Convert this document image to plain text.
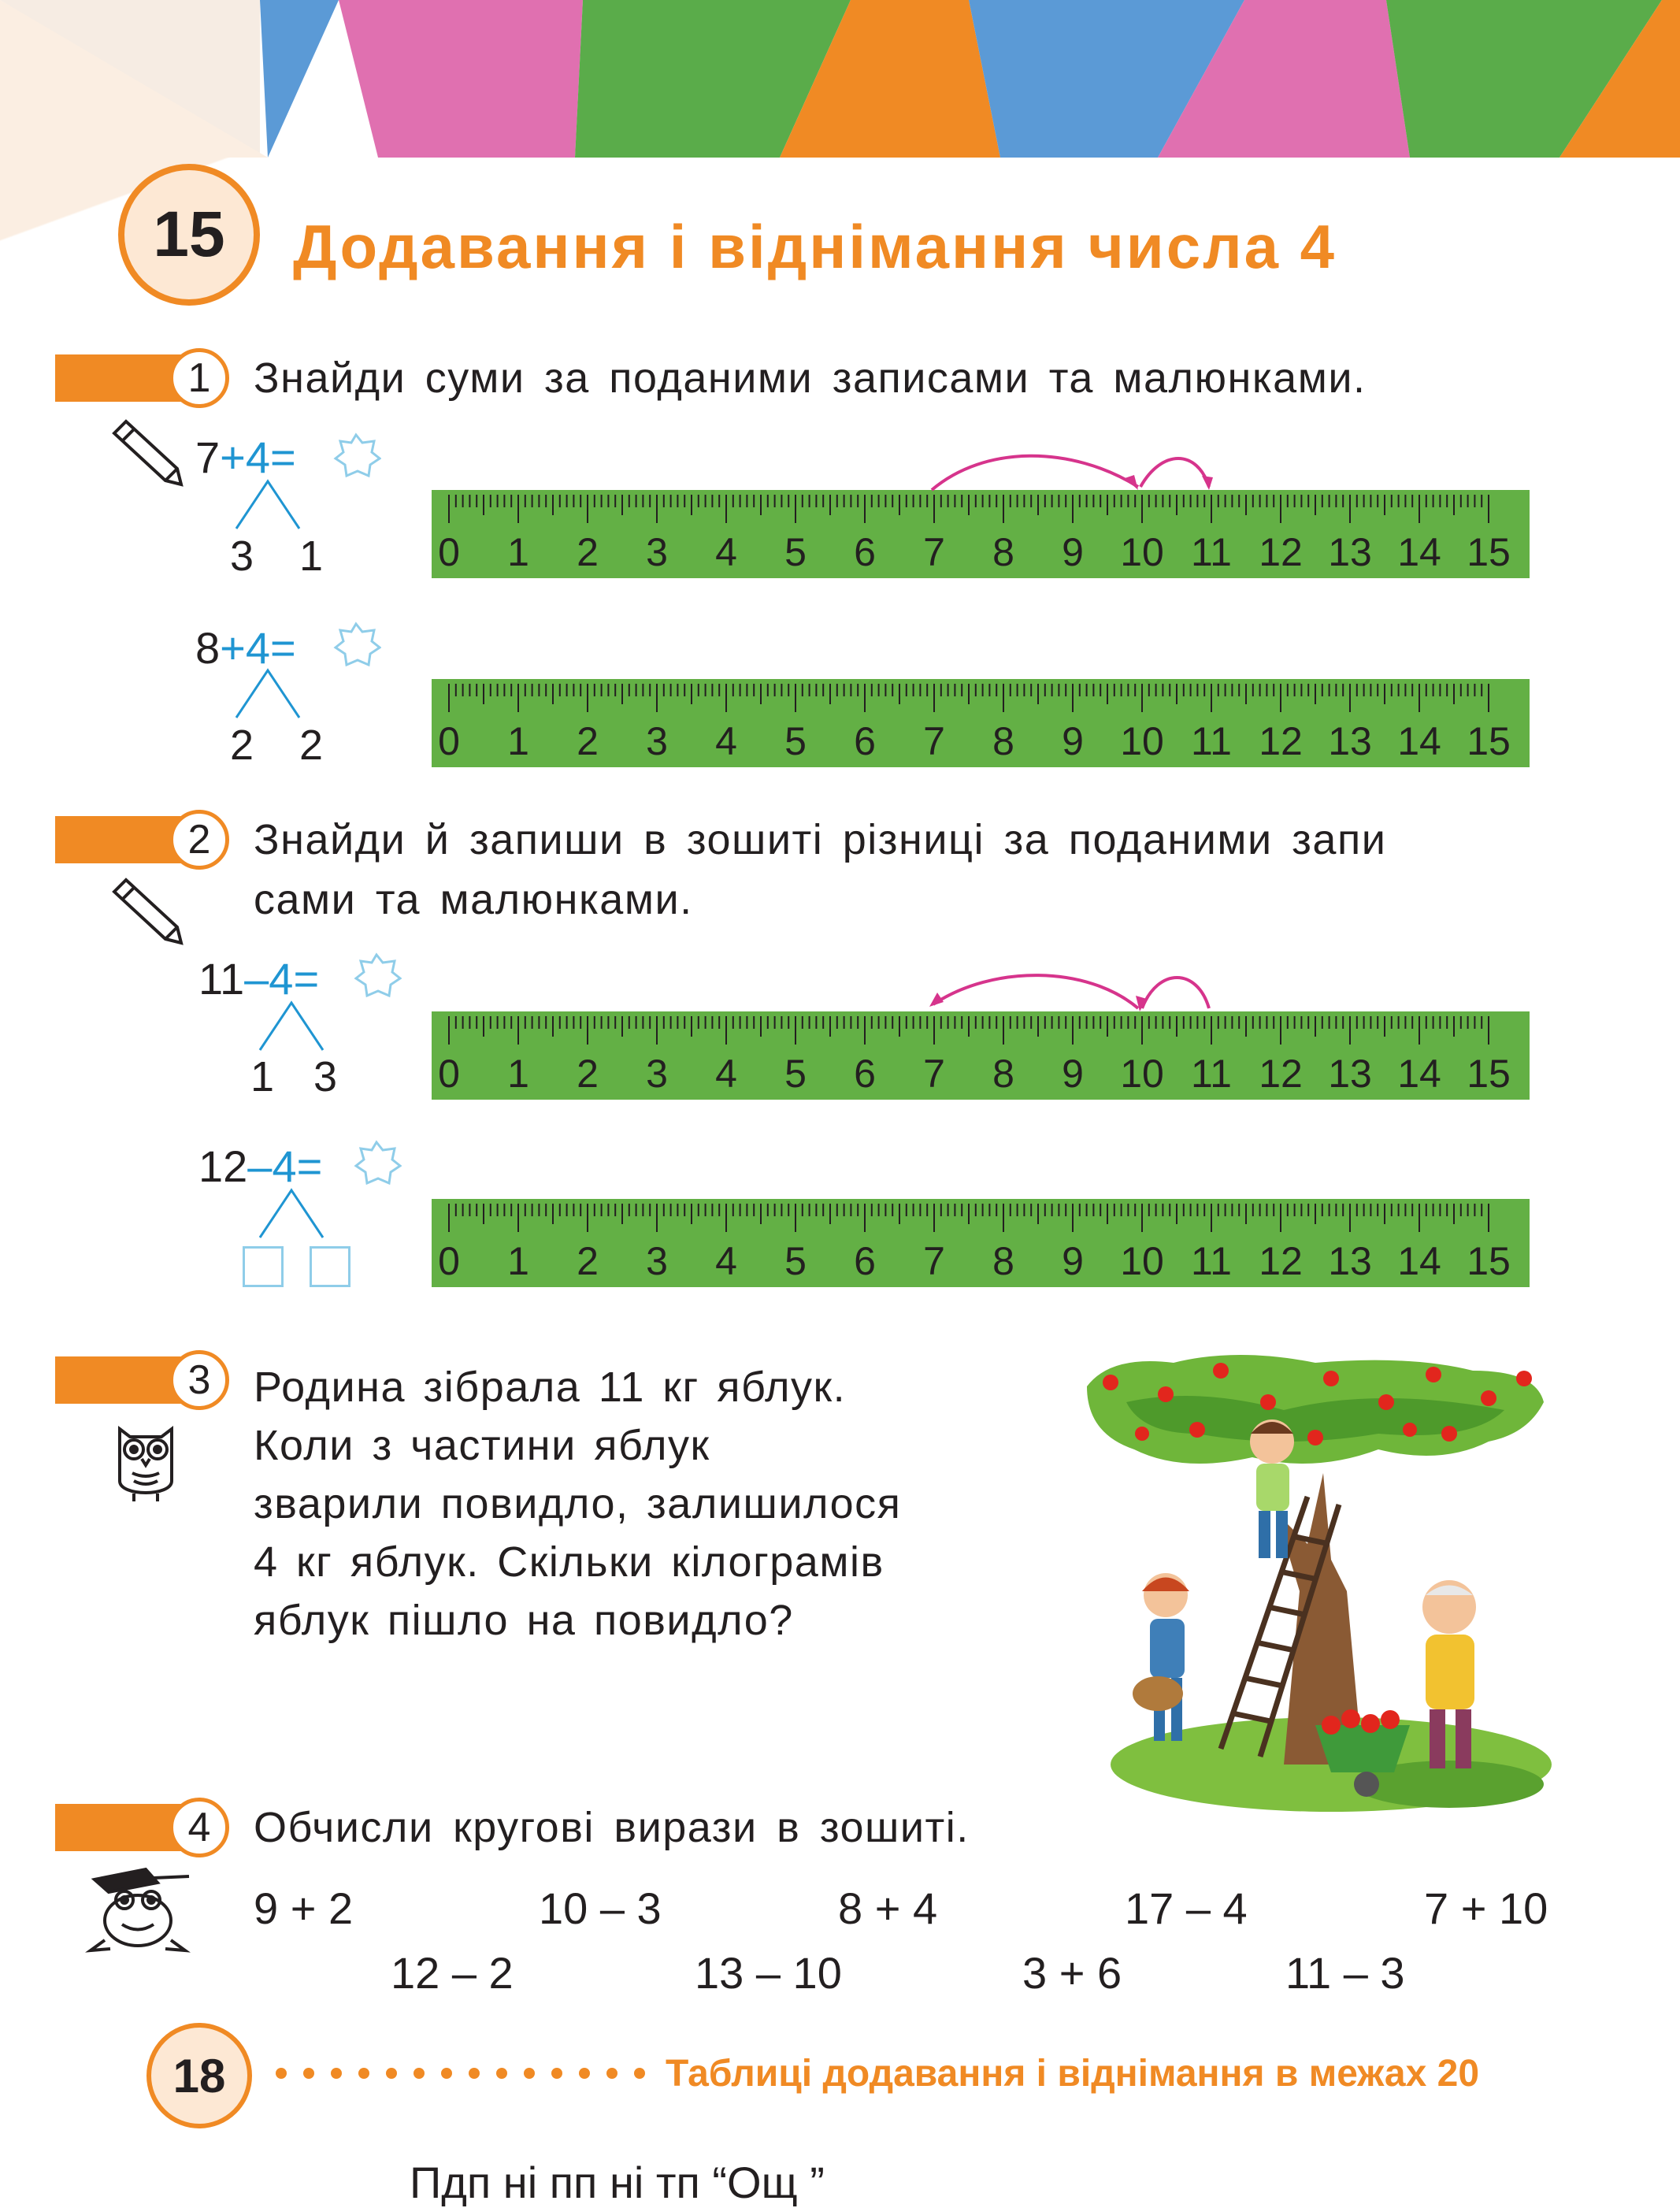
15	Додавання і віднімання числа 4
1	Знайди суми за поданими записами та малюнками.
7+4=
3 1	0 1 2 3 4 5 6 7 8 9 10 11 12 13 14 15
8+4=
2 2	0 1 2 3 4 5 6 7 8 9 10 11 12 13 14 15
2	Знайди й запиши в зошиті різниці за поданими запи
сами та малюнками.
11–4=
1 3	0 1 2 3 4 5 6 7 8 9 10 11 12 13 14 15
12–4=
0 1 2 3 4 5 6 7 8 9 10 11 12 13 14 15
3	Родина зібрала 11 кг яблук.
Коли з частини яблук
зварили повидло, залишилося
4 кг яблук. Скільки кілограмів
яблук пішло на повидло?
4	Обчисли кругові вирази в зошиті.
9 + 2	10 – 3	8 + 4	17 – 4	7 + 10
12 – 2	13 – 10	3 + 6	11 – 3
18	Таблиці додавання і віднімання в межах 20
Пдп ні пп ні тп “Ощ ”
